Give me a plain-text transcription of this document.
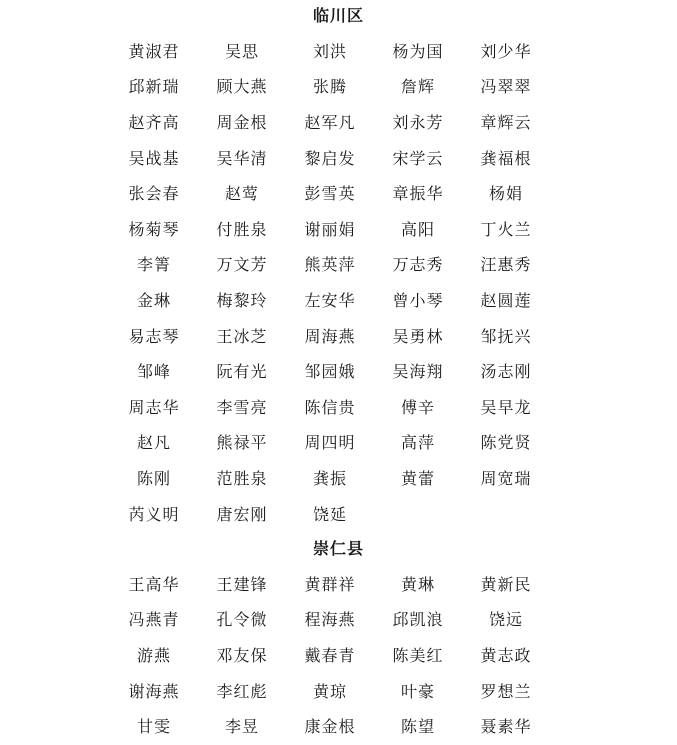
临川区
黄淑君	吴思	刘洪	杨为国	刘少华
邱新瑞	顾大燕	张腾	詹辉	冯翠翠
赵齐高	周金根	赵军凡	刘永芳	章辉云
吴战基	吴华清	黎启发	宋学云	龚福根
张会春	赵莺	彭雪英	章振华	杨娟
杨菊琴	付胜泉	谢丽娟	高阳	丁火兰
李箐	万文芳	熊英萍	万志秀	汪惠秀
金琳	梅黎玲	左安华	曾小琴	赵圆莲
易志琴	王冰芝	周海燕	吴勇林	邹抚兴
邹峰	阮有光	邹园娥	吴海翔	汤志刚
周志华	李雪亮	陈信贵	傅辛	吴早龙
赵凡	熊禄平	周四明	高萍	陈党贤
陈刚	范胜泉	龚振	黄蕾	周宽瑞
芮义明	唐宏刚	饶延
崇仁县
王高华	王建锋	黄群祥	黄琳	黄新民
冯燕青	孔令微	程海燕	邱凯浪	饶远
游燕	邓友保	戴春青	陈美红	黄志政
谢海燕	李红彪	黄琼	叶豪	罗想兰
甘雯	李昱	康金根	陈望	聂素华
